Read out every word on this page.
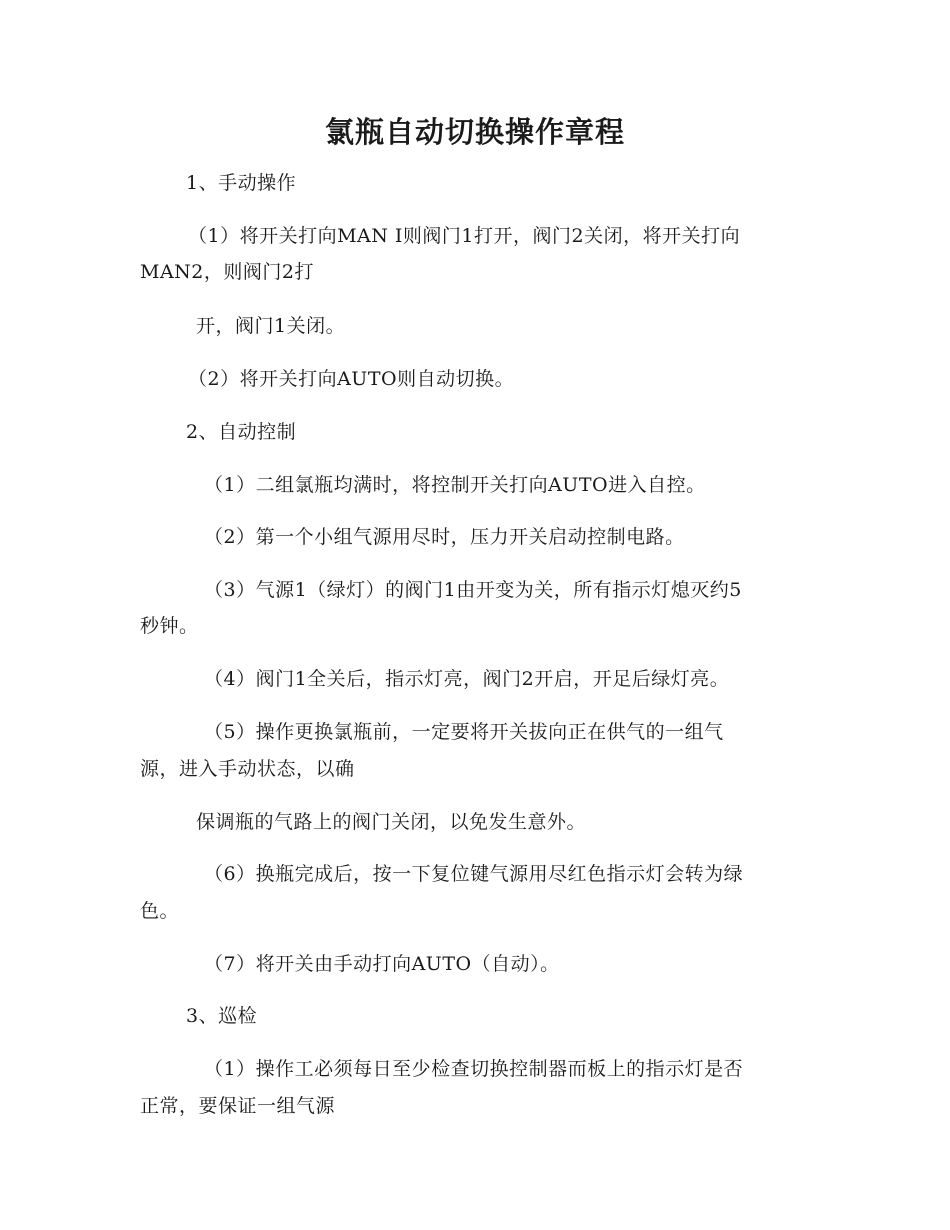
氯瓶自动切换操作章程
1、手动操作
（1）将开关打向MAN I则阀门1打开，阀门2关闭，将开关打向
MAN2，则阀门2打
开，阀门1关闭。
（2）将开关打向AUTO则自动切换。
2、自动控制
（1）二组氯瓶均满时，将控制开关打向AUTO进入自控。
（2）第一个小组气源用尽时，压力开关启动控制电路。
（3）气源1（绿灯）的阀门1由开变为关，所有指示灯熄灭约5
秒钟。
（4）阀门1全关后，指示灯亮，阀门2开启，开足后绿灯亮。
（5）操作更换氯瓶前，一定要将开关拔向正在供气的一组气
源，进入手动状态，以确
保调瓶的气路上的阀门关闭，以免发生意外。
（6）换瓶完成后，按一下复位键气源用尽红色指示灯会转为绿
色。
（7）将开关由手动打向AUTO（自动）。
3、巡检
（1）操作工必须每日至少检查切换控制器而板上的指示灯是否
正常，要保证一组气源
